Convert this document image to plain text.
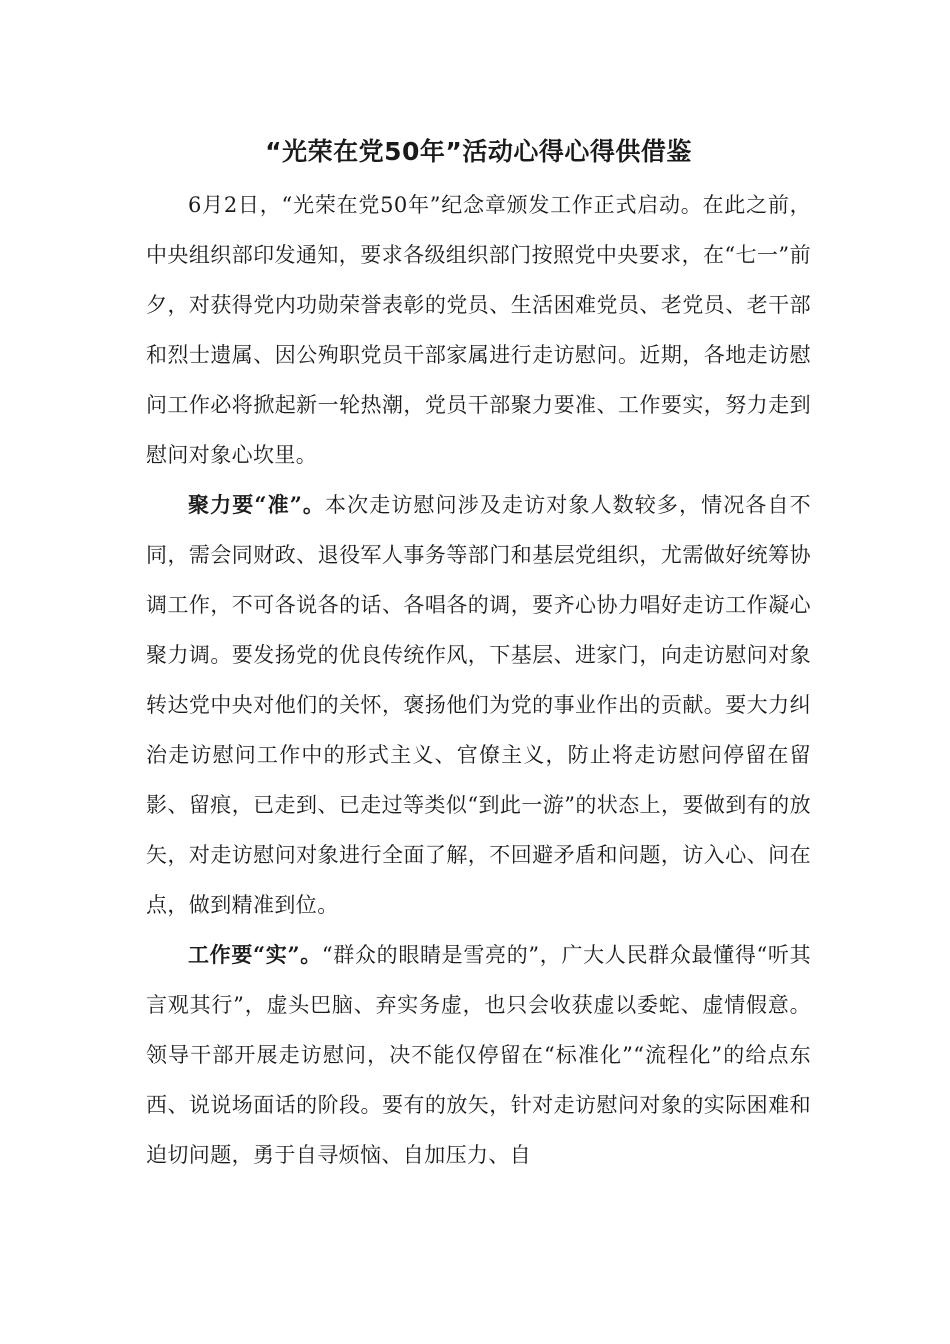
“光荣在党50年”活动心得心得供借鉴

6月2日，“光荣在党50年”纪念章颁发工作正式启动。在此之前，中央组织部印发通知，要求各级组织部门按照党中央要求，在“七一”前夕，对获得党内功勋荣誉表彰的党员、生活困难党员、老党员、老干部和烈士遗属、因公殉职党员干部家属进行走访慰问。近期，各地走访慰问工作必将掀起新一轮热潮，党员干部聚力要准、工作要实，努力走到慰问对象心坎里。

聚力要“准”。本次走访慰问涉及走访对象人数较多，情况各自不同，需会同财政、退役军人事务等部门和基层党组织，尤需做好统筹协调工作，不可各说各的话、各唱各的调，要齐心协力唱好走访工作凝心聚力调。要发扬党的优良传统作风，下基层、进家门，向走访慰问对象转达党中央对他们的关怀，褒扬他们为党的事业作出的贡献。要大力纠治走访慰问工作中的形式主义、官僚主义，防止将走访慰问停留在留影、留痕，已走到、已走过等类似“到此一游”的状态上，要做到有的放矢，对走访慰问对象进行全面了解，不回避矛盾和问题，访入心、问在点，做到精准到位。

工作要“实”。“群众的眼睛是雪亮的”，广大人民群众最懂得“听其言观其行”，虚头巴脑、弃实务虚，也只会收获虚以委蛇、虚情假意。领导干部开展走访慰问，决不能仅停留在“标准化”“流程化”的给点东西、说说场面话的阶段。要有的放矢，针对走访慰问对象的实际困难和迫切问题，勇于自寻烦恼、自加压力、自
